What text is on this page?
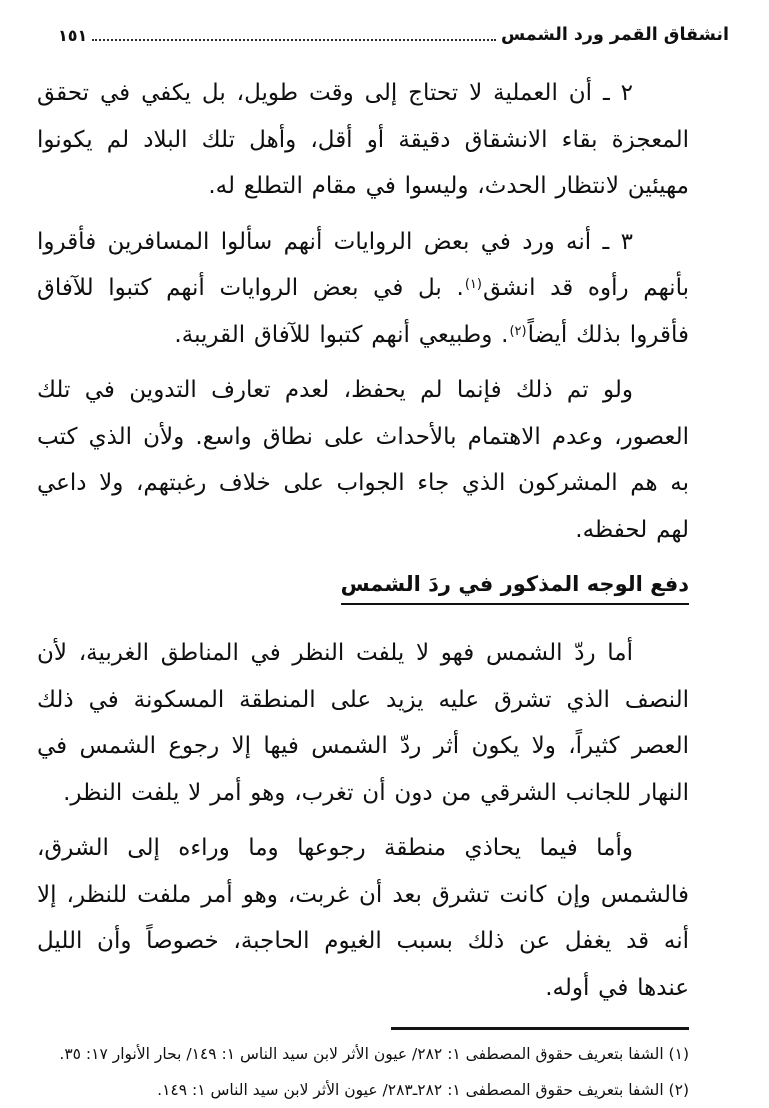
انشقاق القمر ورد الشمس
١٥١

٢ ـ أن العملية لا تحتاج إلى وقت طويل، بل يكفي في تحقق المعجزة بقاء الانشقاق دقيقة أو أقل، وأهل تلك البلاد لم يكونوا مهيئين لانتظار الحدث، وليسوا في مقام التطلع له.

٣ ـ أنه ورد في بعض الروايات أنهم سألوا المسافرين فأقروا بأنهم رأوه قد انشق$^{(١)}$. بل في بعض الروايات أنهم كتبوا للآفاق فأقروا بذلك أيضاً$^{(٢)}$. وطبيعي أنهم كتبوا للآفاق القريبة.

ولو تم ذلك فإنما لم يحفظ، لعدم تعارف التدوين في تلك العصور، وعدم الاهتمام بالأحداث على نطاق واسع. ولأن الذي كتب به هم المشركون الذي جاء الجواب على خلاف رغبتهم، ولا داعي لهم لحفظه.

دفع الوجه المذكور في ردَ الشمس

أما ردّ الشمس فهو لا يلفت النظر في المناطق الغربية، لأن النصف الذي تشرق عليه يزيد على المنطقة المسكونة في ذلك العصر كثيراً، ولا يكون أثر ردّ الشمس فيها إلا رجوع الشمس في النهار للجانب الشرقي من دون أن تغرب، وهو أمر لا يلفت النظر.

وأما فيما يحاذي منطقة رجوعها وما وراءه إلى الشرق، فالشمس وإن كانت تشرق بعد أن غربت، وهو أمر ملفت للنظر، إلا أنه قد يغفل عن ذلك بسبب الغيوم الحاجبة، خصوصاً وأن الليل عندها في أوله.

(١) الشفا بتعريف حقوق المصطفى ١: ٢٨٢/ عيون الأثر لابن سيد الناس ١: ١٤٩/ بحار الأنوار ١٧: ٣٥.
(٢) الشفا بتعريف حقوق المصطفى ١: ٢٨٢ـ٢٨٣/ عيون الأثر لابن سيد الناس ١: ١٤٩.
